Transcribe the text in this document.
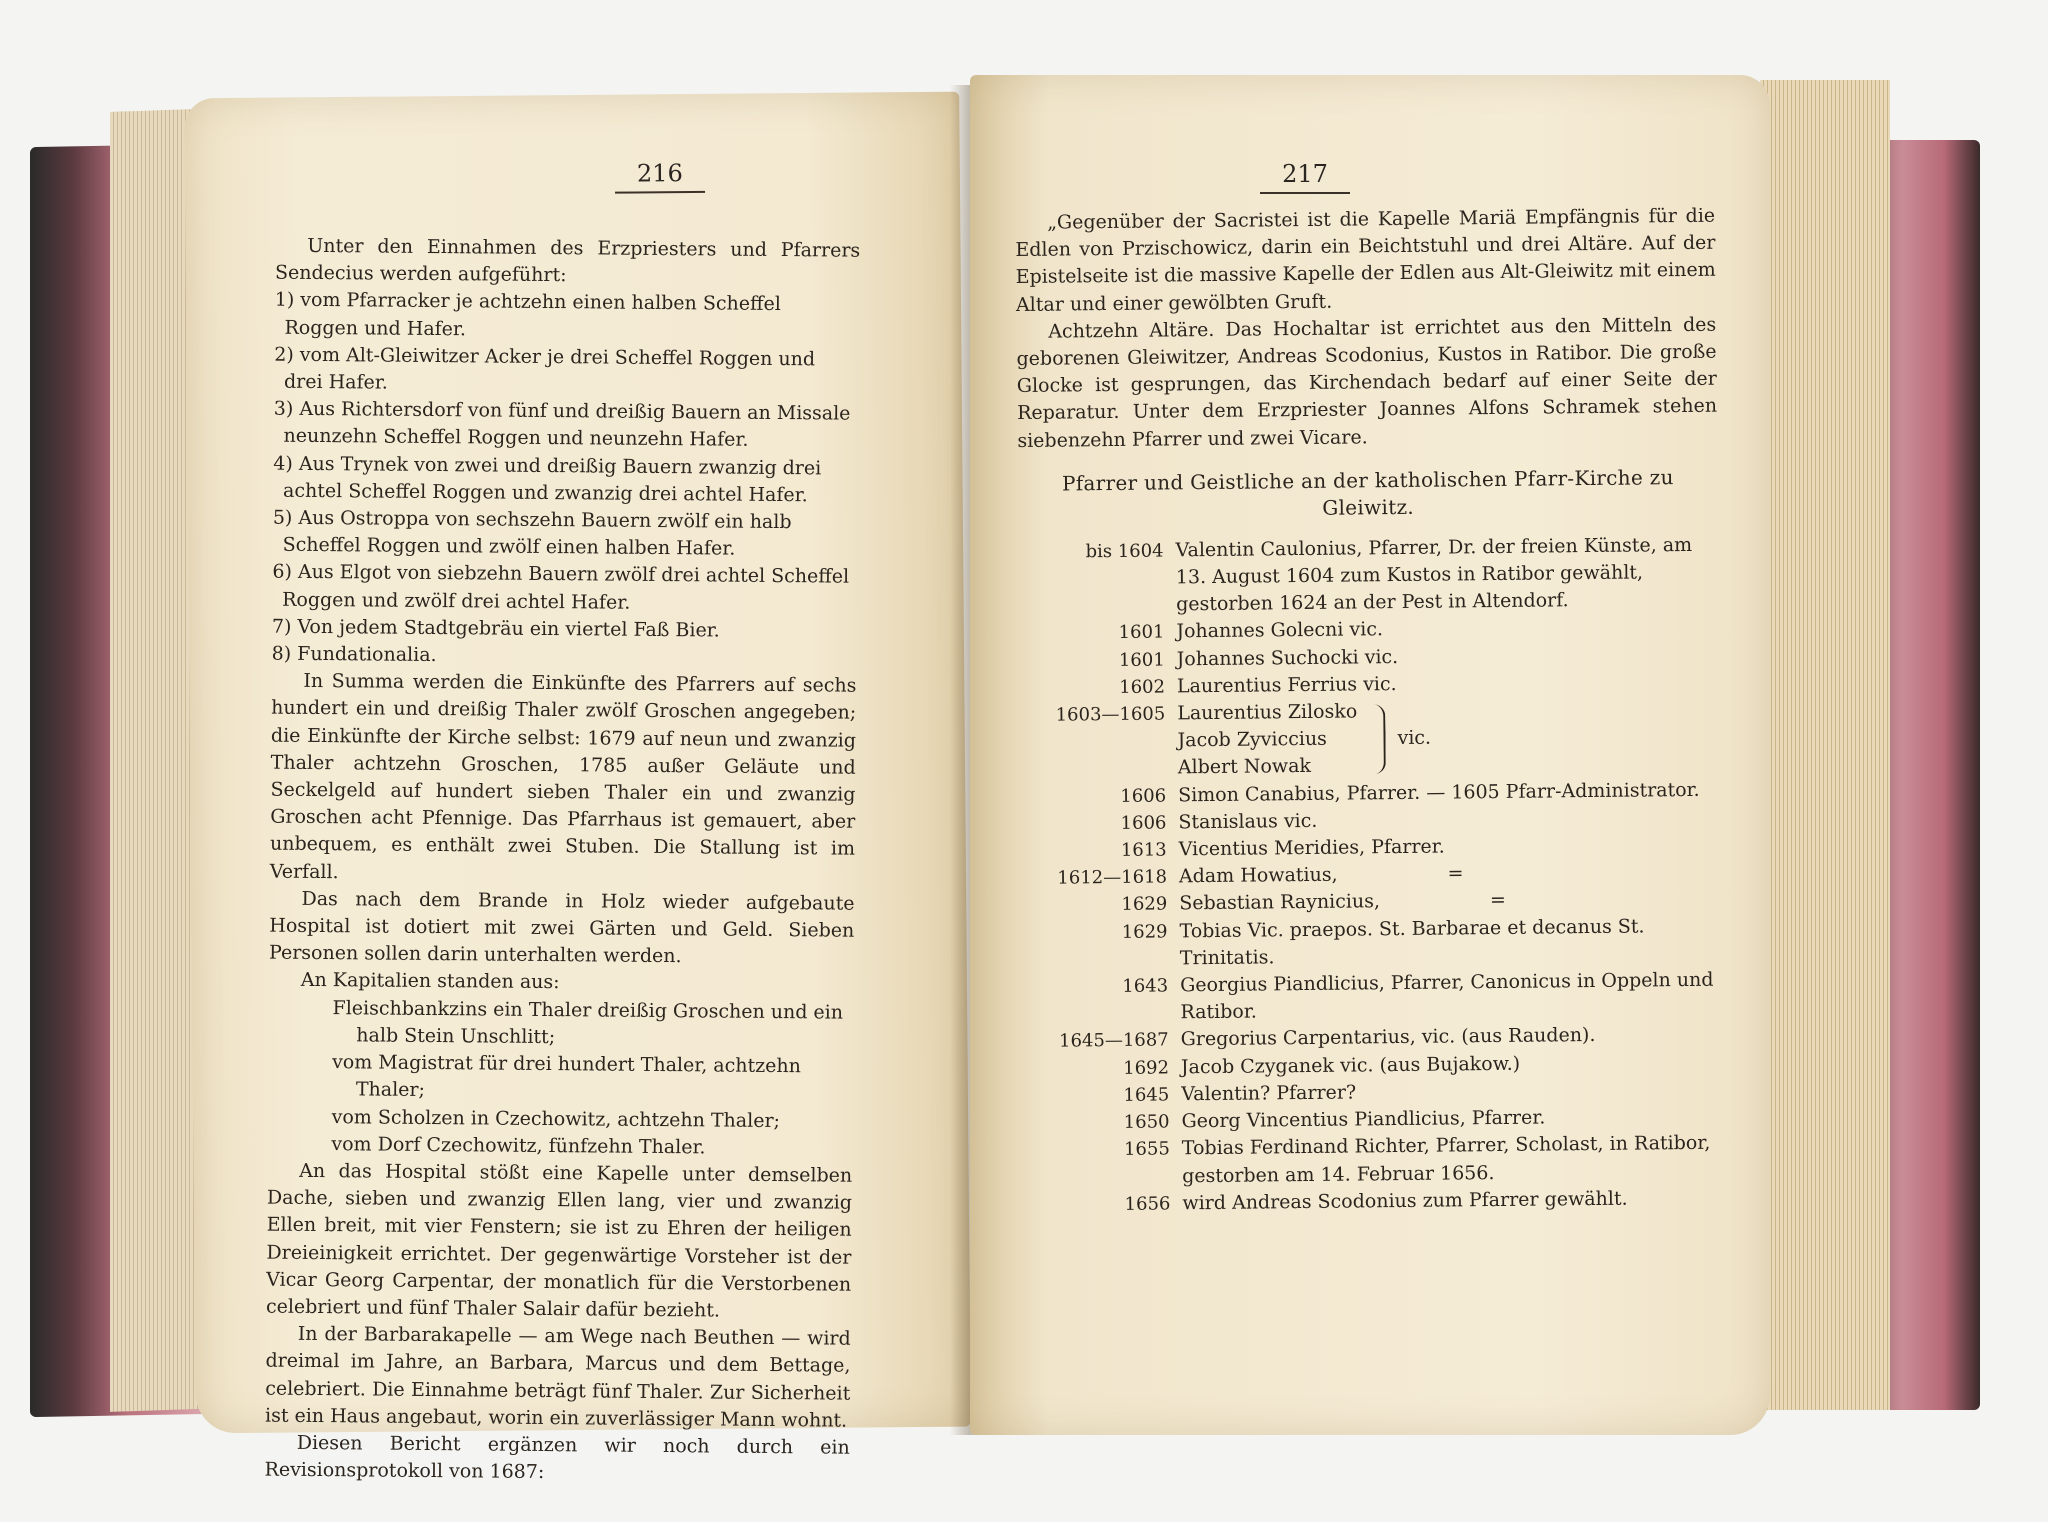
216

Unter den Einnahmen des Erzpriesters und Pfarrers Sendecius werden aufgeführt:

1) vom Pfarracker je achtzehn einen halben Scheffel Roggen und Hafer.

2) vom Alt-Gleiwitzer Acker je drei Scheffel Roggen und drei Hafer.

3) Aus Richtersdorf von fünf und dreißig Bauern an Missale neunzehn Scheffel Roggen und neunzehn Hafer.

4) Aus Trynek von zwei und dreißig Bauern zwanzig drei achtel Scheffel Roggen und zwanzig drei achtel Hafer.

5) Aus Ostroppa von sechszehn Bauern zwölf ein halb Scheffel Roggen und zwölf einen halben Hafer.

6) Aus Elgot von siebzehn Bauern zwölf drei achtel Scheffel Roggen und zwölf drei achtel Hafer.

7) Von jedem Stadtgebräu ein viertel Faß Bier.

8) Fundationalia.

In Summa werden die Einkünfte des Pfarrers auf sechs hundert ein und dreißig Thaler zwölf Groschen angegeben; die Einkünfte der Kirche selbst: 1679 auf neun und zwanzig Thaler achtzehn Groschen, 1785 außer Geläute und Seckelgeld auf hundert sieben Thaler ein und zwanzig Groschen acht Pfennige. Das Pfarrhaus ist gemauert, aber unbequem, es enthält zwei Stuben. Die Stallung ist im Verfall.

Das nach dem Brande in Holz wieder aufgebaute Hospital ist dotiert mit zwei Gärten und Geld. Sieben Personen sollen darin unterhalten werden.

An Kapitalien standen aus:

Fleischbankzins ein Thaler dreißig Groschen und ein halb Stein Unschlitt;

vom Magistrat für drei hundert Thaler, achtzehn Thaler;

vom Scholzen in Czechowitz, achtzehn Thaler;

vom Dorf Czechowitz, fünfzehn Thaler.

An das Hospital stößt eine Kapelle unter demselben Dache, sieben und zwanzig Ellen lang, vier und zwanzig Ellen breit, mit vier Fenstern; sie ist zu Ehren der heiligen Dreieinigkeit errichtet. Der gegenwärtige Vorsteher ist der Vicar Georg Carpentar, der monatlich für die Verstorbenen celebriert und fünf Thaler Salair dafür bezieht.

In der Barbarakapelle — am Wege nach Beuthen — wird dreimal im Jahre, an Barbara, Marcus und dem Bettage, celebriert. Die Einnahme beträgt fünf Thaler. Zur Sicherheit ist ein Haus angebaut, worin ein zuverlässiger Mann wohnt.

Diesen Bericht ergänzen wir noch durch ein Revisionsprotokoll von 1687:

217

„Gegenüber der Sacristei ist die Kapelle Mariä Empfängnis für die Edlen von Przischowicz, darin ein Beichtstuhl und drei Altäre. Auf der Epistelseite ist die massive Kapelle der Edlen aus Alt-Gleiwitz mit einem Altar und einer gewölbten Gruft.

Achtzehn Altäre. Das Hochaltar ist errichtet aus den Mitteln des geborenen Gleiwitzer, Andreas Scodonius, Kustos in Ratibor. Die große Glocke ist gesprungen, das Kirchendach bedarf auf einer Seite der Reparatur. Unter dem Erzpriester Joannes Alfons Schramek stehen siebenzehn Pfarrer und zwei Vicare.

Pfarrer und Geistliche an der katholischen Pfarr-Kirche zu Gleiwitz.

bis 1604 Valentin Caulonius, Pfarrer, Dr. der freien Künste, am 13. August 1604 zum Kustos in Ratibor gewählt, gestorben 1624 an der Pest in Altendorf.
1601 Johannes Golecni vic.
1601 Johannes Suchocki vic.
1602 Laurentius Ferrius vic.
1603—1605 Laurentius Zilosko
Jacob Zyviccius
Albert Nowak
vic.
1606 Simon Canabius, Pfarrer. — 1605 Pfarr-Administrator.
1606 Stanislaus vic.
1613 Vicentius Meridies, Pfarrer.
1612—1618 Adam Howatius,	=
1629 Sebastian Raynicius,	=
1629 Tobias Vic. praepos. St. Barbarae et decanus St. Trinitatis.
1643 Georgius Piandlicius, Pfarrer, Canonicus in Oppeln und Ratibor.
1645—1687 Gregorius Carpentarius, vic. (aus Rauden).
1692 Jacob Czyganek vic. (aus Bujakow.)
1645 Valentin? Pfarrer?
1650 Georg Vincentius Piandlicius, Pfarrer.
1655 Tobias Ferdinand Richter, Pfarrer, Scholast, in Ratibor, gestorben am 14. Februar 1656.
1656 wird Andreas Scodonius zum Pfarrer gewählt.
